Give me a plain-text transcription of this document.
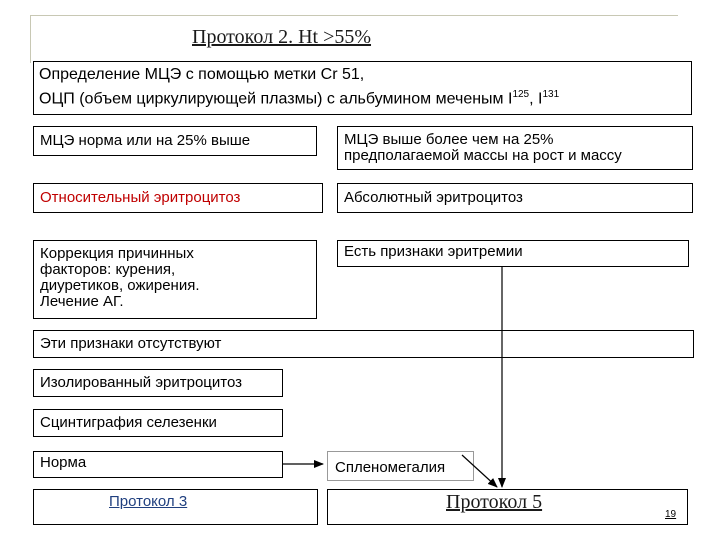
Протокол 2. Ht >55%
Определение МЦЭ с помощью метки Cr 51,
ОЦП (объем циркулирующей плазмы) с альбумином меченым $I^{125}$, $I^{131}$
МЦЭ норма или на 25% выше
Относительный эритроцитоз
Коррекция причинных
факторов: курения,
диуретиков, ожирения.
Лечение АГ.
Эти признаки отсутствуют
Изолированный эритроцитоз
Сцинтиграфия селезенки
Норма
Протокол 3
МЦЭ выше более чем на 25%
предполагаемой массы на рост и массу
Абсолютный эритроцитоз
Есть признаки эритремии
Спленомегалия
Протокол 5
19
